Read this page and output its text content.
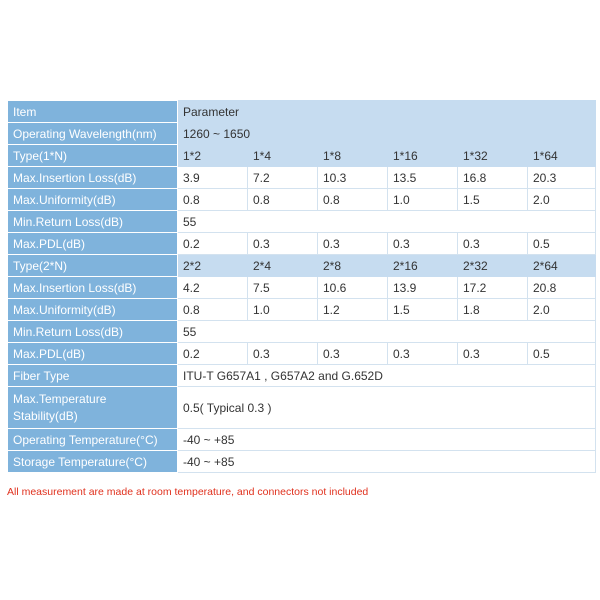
Item	Parameter					
Operating Wavelength(nm)	1260 ~ 1650					
Type(1*N)	1*2	1*4	1*8	1*16	1*32	1*64
Max.Insertion Loss(dB)	3.9	7.2	10.3	13.5	16.8	20.3
Max.Uniformity(dB)	0.8	0.8	0.8	1.0	1.5	2.0
Min.Return Loss(dB)	55					
Max.PDL(dB)	0.2	0.3	0.3	0.3	0.3	0.5
Type(2*N)	2*2	2*4	2*8	2*16	2*32	2*64
Max.Insertion Loss(dB)	4.2	7.5	10.6	13.9	17.2	20.8
Max.Uniformity(dB)	0.8	1.0	1.2	1.5	1.8	2.0
Min.Return Loss(dB)	55					
Max.PDL(dB)	0.2	0.3	0.3	0.3	0.3	0.5
Fiber Type	ITU-T G657A1 , G657A2 and G.652D					
Max.Temperature Stability(dB)	0.5( Typical 0.3 )					
Operating Temperature(°C)	-40 ~ +85					
Storage Temperature(°C)	-40 ~ +85					
All measurement are made at room temperature, and connectors not included
